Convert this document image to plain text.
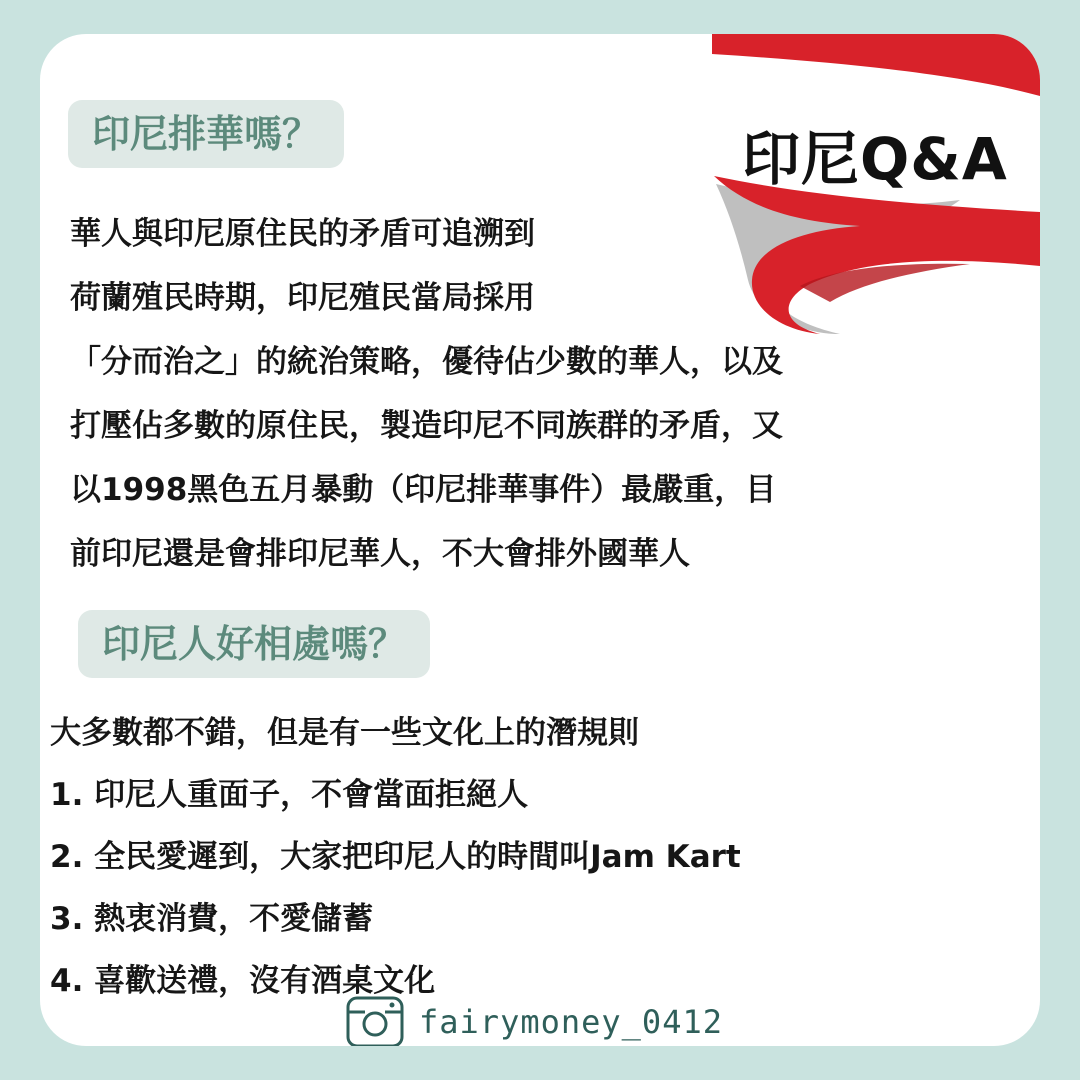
印尼Q&A
印尼排華嗎？
華人與印尼原住民的矛盾可追溯到
荷蘭殖民時期，印尼殖民當局採用
「分而治之」的統治策略，優待佔少數的華人，以及
打壓佔多數的原住民，製造印尼不同族群的矛盾，又
以1998黑色五月暴動（印尼排華事件）最嚴重，目
前印尼還是會排印尼華人，不大會排外國華人
印尼人好相處嗎？
大多數都不錯，但是有一些文化上的潛規則
1. 印尼人重面子，不會當面拒絕人
2. 全民愛遲到，大家把印尼人的時間叫Jam Kart
3. 熱衷消費，不愛儲蓄
4. 喜歡送禮，沒有酒桌文化
fairymoney_0412
